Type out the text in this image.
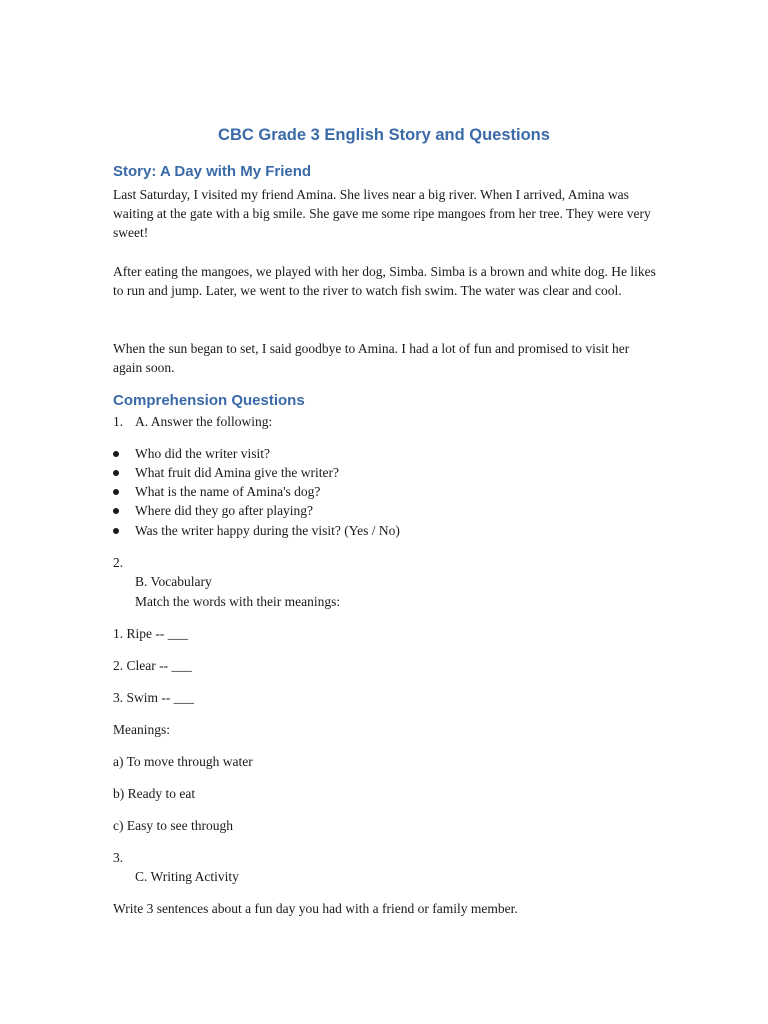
CBC Grade 3 English Story and Questions
Story: A Day with My Friend

Last Saturday, I visited my friend Amina. She lives near a big river. When I arrived, Amina was waiting at the gate with a big smile. She gave me some ripe mangoes from her tree. They were very sweet!

After eating the mangoes, we played with her dog, Simba. Simba is a brown and white dog. He likes to run and jump. Later, we went to the river to watch fish swim. The water was clear and cool.

When the sun began to set, I said goodbye to Amina. I had a lot of fun and promised to visit her again soon.

Comprehension Questions
1. A. Answer the following:
Who did the writer visit?
What fruit did Amina give the writer?
What is the name of Amina's dog?
Where did they go after playing?
Was the writer happy during the visit? (Yes / No)
2.
B. Vocabulary
Match the words with their meanings:
1. Ripe -- ___
2. Clear -- ___
3. Swim -- ___
Meanings:
a) To move through water
b) Ready to eat
c) Easy to see through
3.
C. Writing Activity
Write 3 sentences about a fun day you had with a friend or family member.
